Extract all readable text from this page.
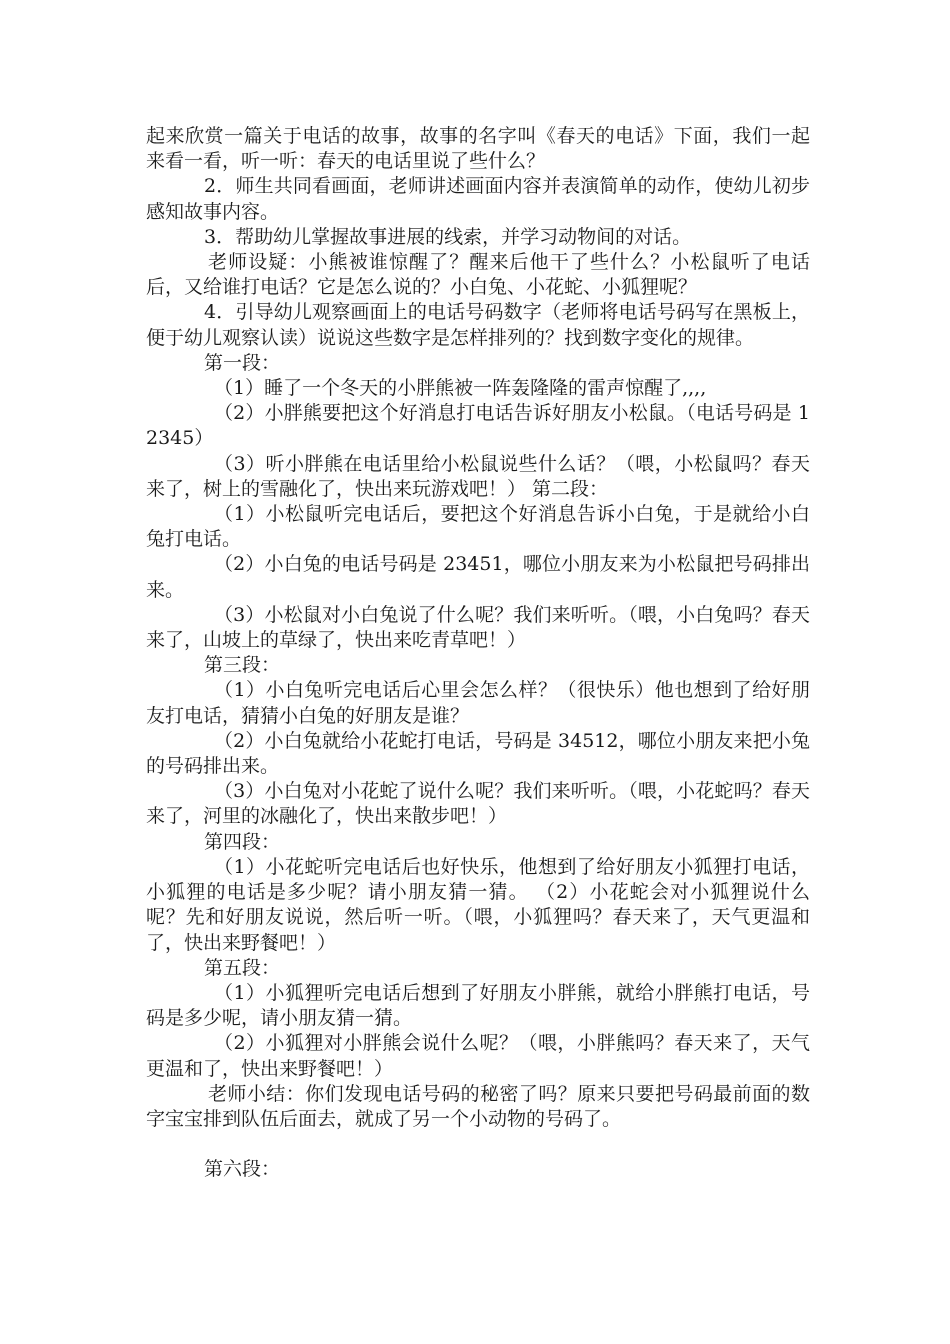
起来欣赏一篇关于电话的故事，故事的名字叫《春天的电话》下面，我们一起来看一看，听一听：春天的电话里说了些什么？

2．师生共同看画面，老师讲述画面内容并表演简单的动作，使幼儿初步感知故事内容。

3．帮助幼儿掌握故事进展的线索，并学习动物间的对话。

老师设疑：小熊被谁惊醒了？醒来后他干了些什么？小松鼠听了电话后，又给谁打电话？它是怎么说的？小白兔、小花蛇、小狐狸呢？

4．引导幼儿观察画面上的电话号码数字（老师将电话号码写在黑板上，便于幼儿观察认读）说说这些数字是怎样排列的？找到数字变化的规律。

第一段：

（1）睡了一个冬天的小胖熊被一阵轰隆隆的雷声惊醒了,,,,

（2）小胖熊要把这个好消息打电话告诉好朋友小松鼠。（电话号码是 12345）

（3）听小胖熊在电话里给小松鼠说些什么话？（喂，小松鼠吗？春天来了，树上的雪融化了，快出来玩游戏吧！） 第二段：

（1）小松鼠听完电话后，要把这个好消息告诉小白兔，于是就给小白兔打电话。

（2）小白兔的电话号码是 23451，哪位小朋友来为小松鼠把号码排出来。

（3）小松鼠对小白兔说了什么呢？我们来听听。（喂，小白兔吗？春天来了，山坡上的草绿了，快出来吃青草吧！）

第三段：

（1）小白兔听完电话后心里会怎么样？（很快乐）他也想到了给好朋友打电话，猜猜小白兔的好朋友是谁？

（2）小白兔就给小花蛇打电话，号码是 34512，哪位小朋友来把小兔的号码排出来。

（3）小白兔对小花蛇了说什么呢？我们来听听。（喂，小花蛇吗？春天来了，河里的冰融化了，快出来散步吧！）

第四段：

（1）小花蛇听完电话后也好快乐，他想到了给好朋友小狐狸打电话，小狐狸的电话是多少呢？请小朋友猜一猜。 （2）小花蛇会对小狐狸说什么呢？先和好朋友说说，然后听一听。（喂，小狐狸吗？春天来了，天气更温和了，快出来野餐吧！）

第五段：

（1）小狐狸听完电话后想到了好朋友小胖熊，就给小胖熊打电话，号码是多少呢，请小朋友猜一猜。

（2）小狐狸对小胖熊会说什么呢？（喂，小胖熊吗？春天来了，天气更温和了，快出来野餐吧！）

老师小结：你们发现电话号码的秘密了吗？原来只要把号码最前面的数字宝宝排到队伍后面去，就成了另一个小动物的号码了。

第六段：
